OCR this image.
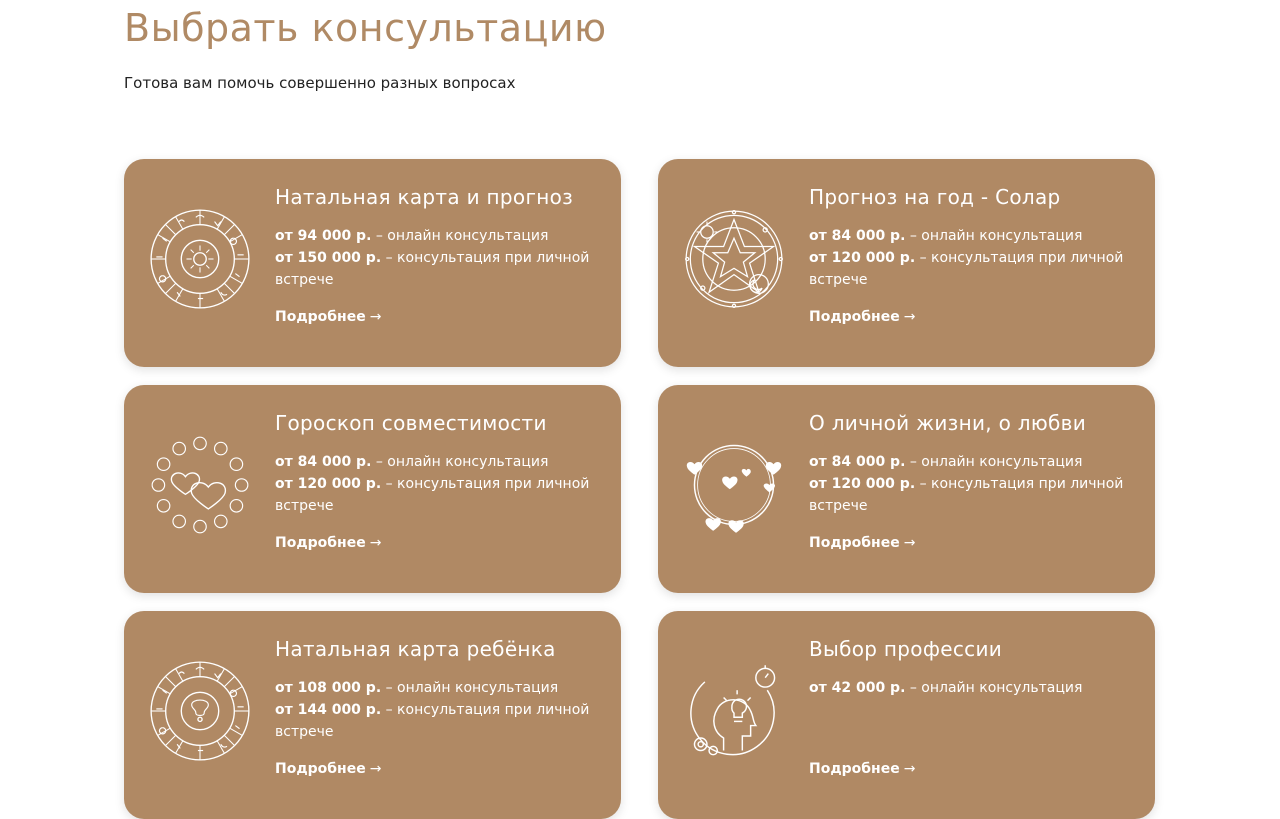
Выбрать консультацию

Готова вам помочь совершенно разных вопросах

Натальная карта и прогноз
от 94 000 р. – онлайн консультация
от 150 000 р. – консультация при личной встрече
Подробнее →
Прогноз на год - Солар
от 84 000 р. – онлайн консультация
от 120 000 р. – консультация при личной встрече
Подробнее →
Гороскоп совместимости
от 84 000 р. – онлайн консультация
от 120 000 р. – консультация при личной встрече
Подробнее →
О личной жизни, о любви
от 84 000 р. – онлайн консультация
от 120 000 р. – консультация при личной встрече
Подробнее →
Натальная карта ребёнка
от 108 000 р. – онлайн консультация
от 144 000 р. – консультация при личной встрече
Подробнее →
Выбор профессии
от 42 000 р. – онлайн консультация
Подробнее →
